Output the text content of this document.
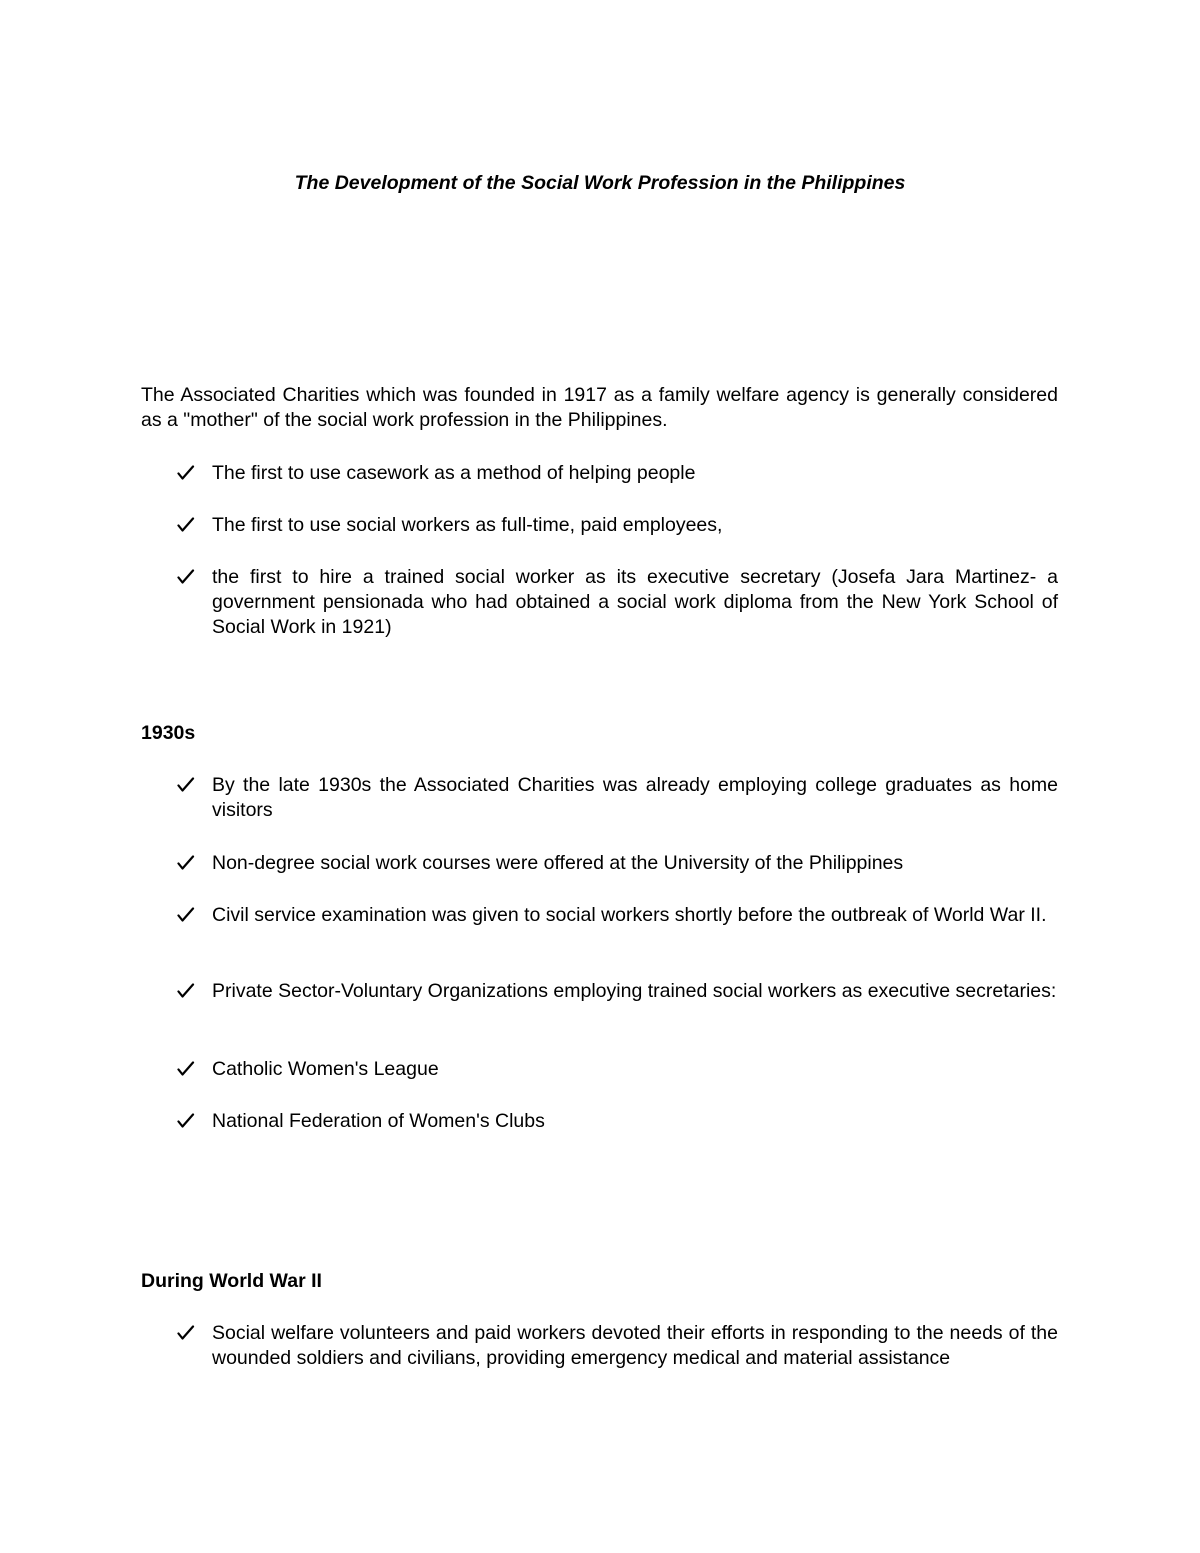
The Development of the Social Work Profession in the Philippines
The Associated Charities which was founded in 1917 as a family welfare agency is generally considered as a "mother" of the social work profession in the Philippines.
The first to use casework as a method of helping people
The first to use social workers as full-time, paid employees,
the first to hire a trained social worker as its executive secretary (Josefa Jara Martinez- a government pensionada who had obtained a social work diploma from the New York School of Social Work in 1921)
1930s
By the late 1930s the Associated Charities was already employing college graduates as home visitors
Non-degree social work courses were offered at the University of the Philippines
Civil service examination was given to social workers shortly before the outbreak of World War II.
Private Sector-Voluntary Organizations employing trained social workers as executive secretaries:
Catholic Women's League
National Federation of Women's Clubs
During World War II
Social welfare volunteers and paid workers devoted their efforts in responding to the needs of the wounded soldiers and civilians, providing emergency medical and material assistance
